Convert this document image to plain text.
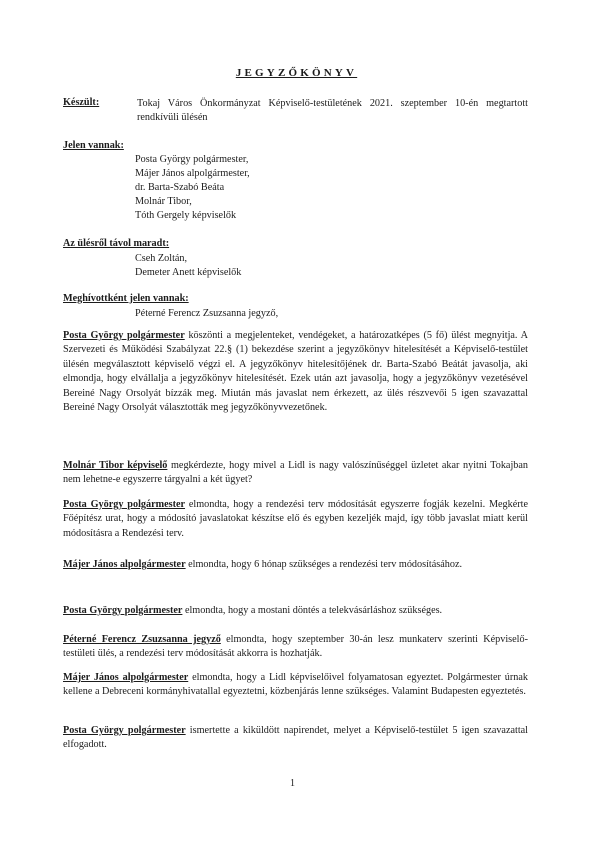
JEGYZŐKÖNYV
Készült:	Tokaj Város Önkormányzat Képviselő-testületének 2021. szeptember 10-én megtartott rendkívüli ülésén
Jelen vannak:
Posta György polgármester,
Májer János alpolgármester,
dr. Barta-Szabó Beáta
Molnár Tibor,
Tóth Gergely képviselők
Az ülésről távol maradt:
Cseh Zoltán,
Demeter Anett képviselők
Meghívottként jelen vannak:
Péterné Ferencz Zsuzsanna jegyző,
Posta György polgármester köszönti a megjelenteket, vendégeket, a határozatképes (5 fő) ülést megnyitja. A Szervezeti és Működési Szabályzat 22.§ (1) bekezdése szerint a jegyzőkönyv hitelesítését a Képviselő-testület ülésén megválasztott képviselő végzi el. A jegyzőkönyv hitelesítőjének dr. Barta-Szabó Beátát javasolja, aki elmondja, hogy elvállalja a jegyzőkönyv hitelesítését. Ezek után azt javasolja, hogy a jegyzőkönyv vezetésével Bereiné Nagy Orsolyát bízzák meg. Miután más javaslat nem érkezett, az ülés részvevői 5 igen szavazattal Bereiné Nagy Orsolyát választották meg jegyzőkönyvvezetőnek.
Molnár Tibor képviselő megkérdezte, hogy mivel a Lidl is nagy valószínűséggel üzletet akar nyitni Tokajban nem lehetne-e egyszerre tárgyalni a két ügyet?
Posta György polgármester elmondta, hogy a rendezési terv módosítását egyszerre fogják kezelni. Megkérte Főépítész urat, hogy a módosító javaslatokat készítse elő és egyben kezeljék majd, így több javaslat miatt kerül módosításra a Rendezési terv.
Májer János alpolgármester elmondta, hogy 6 hónap szükséges a rendezési terv módosításához.
Posta György polgármester elmondta, hogy a mostani döntés a telekvásárláshoz szükséges.
Péterné Ferencz Zsuzsanna jegyző elmondta, hogy szeptember 30-án lesz munkaterv szerinti Képviselő-testületi ülés, a rendezési terv módosítását akkorra is hozhatják.
Májer János alpolgármester elmondta, hogy a Lidl képviselőivel folyamatosan egyeztet. Polgármester úrnak kellene a Debreceni kormányhivatallal egyeztetni, közbenjárás lenne szükséges. Valamint Budapesten egyeztetés.
Posta György polgármester ismertette a kiküldött napirendet, melyet a Képviselő-testület 5 igen szavazattal elfogadott.
1
